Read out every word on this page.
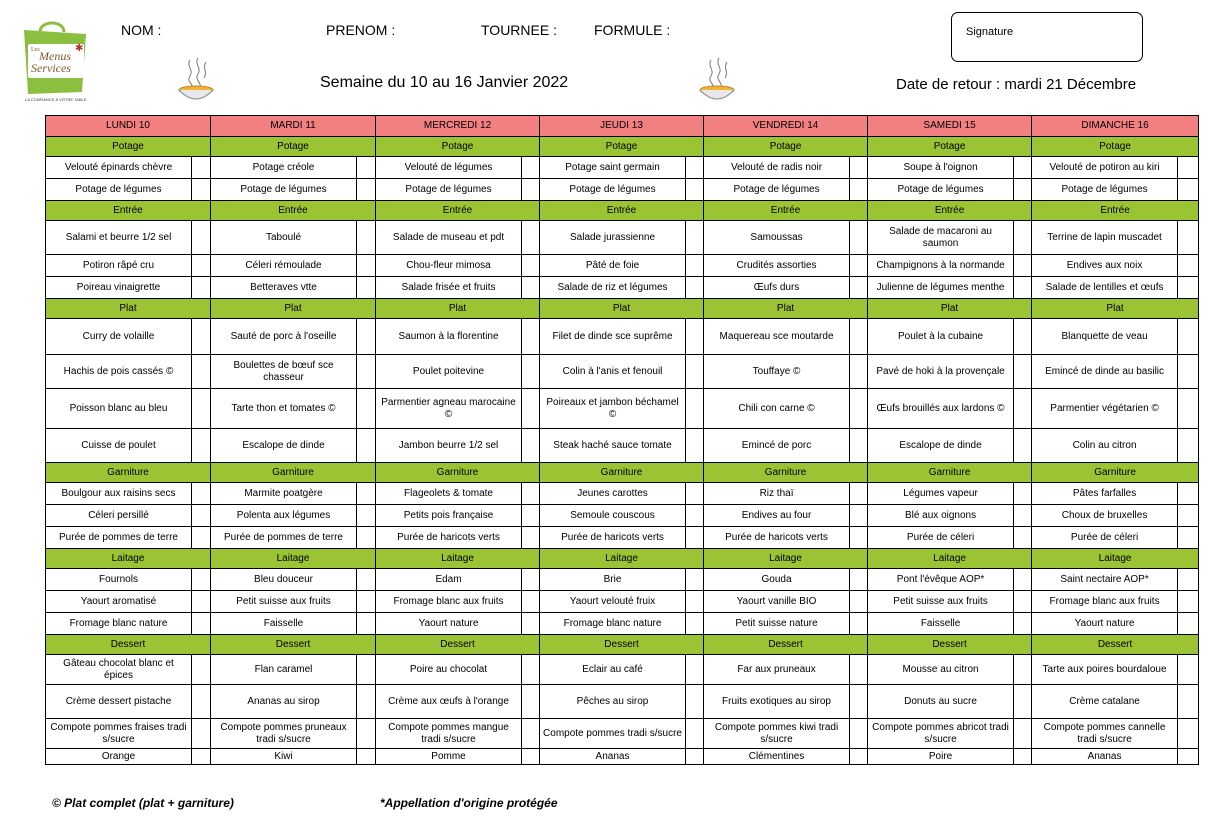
Les Menus
Services
✱
LA CONFIANCE À VOTRE TABLE
NOM :	PRENOM :	TOURNEE :	FORMULE :	Signature
Semaine du 10 au 16 Janvier 2022	Date de retour : mardi 21 Décembre
LUNDI 10		MARDI 11		MERCREDI 12		JEUDI 13		VENDREDI 14		SAMEDI 15		DIMANCHE 16	
Potage		Potage		Potage		Potage		Potage		Potage		Potage	
Velouté épinards chèvre		Potage créole		Velouté de légumes		Potage saint germain		Velouté de radis noir		Soupe à l'oignon		Velouté de potiron au kiri	
Potage de légumes		Potage de légumes		Potage de légumes		Potage de légumes		Potage de légumes		Potage de légumes		Potage de légumes	
Entrée		Entrée		Entrée		Entrée		Entrée		Entrée		Entrée	
Salami et beurre 1/2 sel		Taboulé		Salade de museau et pdt		Salade jurassienne		Samoussas		Salade de macaroni au saumon		Terrine de lapin muscadet	
Potiron râpé cru		Céleri rémoulade		Chou-fleur mimosa		Pâté de foie		Crudités assorties		Champignons à la normande		Endives aux noix	
Poireau vinaigrette		Betteraves vtte		Salade frisée et fruits		Salade de riz et légumes		Œufs durs		Julienne de légumes menthe		Salade de lentilles et œufs	
Plat		Plat		Plat		Plat		Plat		Plat		Plat	
Curry de volaille		Sauté de porc à l'oseille		Saumon à la florentine		Filet de dinde sce suprême		Maquereau sce moutarde		Poulet à la cubaine		Blanquette de veau	
Hachis de pois cassés ©		Boulettes de bœuf sce chasseur		Poulet poitevine		Colin à l'anis et fenouil		Touffaye ©		Pavé de hoki à la provençale		Emincé de dinde au basilic	
Poisson blanc au bleu		Tarte thon et tomates ©		Parmentier agneau marocaine ©		Poireaux et jambon béchamel ©		Chili con carne ©		Œufs brouillés aux lardons ©		Parmentier végétarien ©	
Cuisse de poulet		Escalope de dinde		Jambon beurre 1/2 sel		Steak haché sauce tomate		Emincé de porc		Escalope de dinde		Colin au citron	
Garniture		Garniture		Garniture		Garniture		Garniture		Garniture		Garniture	
Boulgour aux raisins secs		Marmite poatgère		Flageolets & tomate		Jeunes carottes		Riz thaï		Légumes vapeur		Pâtes farfalles	
Céleri persillé		Polenta aux légumes		Petits pois française		Semoule couscous		Endives au four		Blé aux oignons		Choux de bruxelles	
Purée de pommes de terre		Purée de pommes de terre		Purée de haricots verts		Purée de haricots verts		Purée de haricots verts		Purée de céleri		Purée de céleri	
Laitage		Laitage		Laitage		Laitage		Laitage		Laitage		Laitage	
Fournols		Bleu douceur		Edam		Brie		Gouda		Pont l'évêque AOP*		Saint nectaire AOP*	
Yaourt aromatisé		Petit suisse aux fruits		Fromage blanc aux fruits		Yaourt velouté fruix		Yaourt vanille BIO		Petit suisse aux fruits		Fromage blanc aux fruits	
Fromage blanc nature		Faisselle		Yaourt nature		Fromage blanc nature		Petit suisse nature		Faisselle		Yaourt nature	
Dessert		Dessert		Dessert		Dessert		Dessert		Dessert		Dessert	
Gâteau chocolat blanc et épices		Flan caramel		Poire au chocolat		Eclair au café		Far aux pruneaux		Mousse au citron		Tarte aux poires bourdaloue	
Crème dessert pistache		Ananas au sirop		Crème aux œufs à l'orange		Pêches au sirop		Fruits exotiques au sirop		Donuts au sucre		Crème catalane	
Compote pommes fraises tradi s/sucre		Compote pommes pruneaux tradi s/sucre		Compote pommes mangue tradi s/sucre		Compote pommes tradi s/sucre		Compote pommes kiwi tradi s/sucre		Compote pommes abricot tradi s/sucre		Compote pommes cannelle tradi s/sucre	
Orange		Kiwi		Pomme		Ananas		Clémentines		Poire		Ananas	
© Plat complet (plat + garniture)	*Appellation d'origine protégée
